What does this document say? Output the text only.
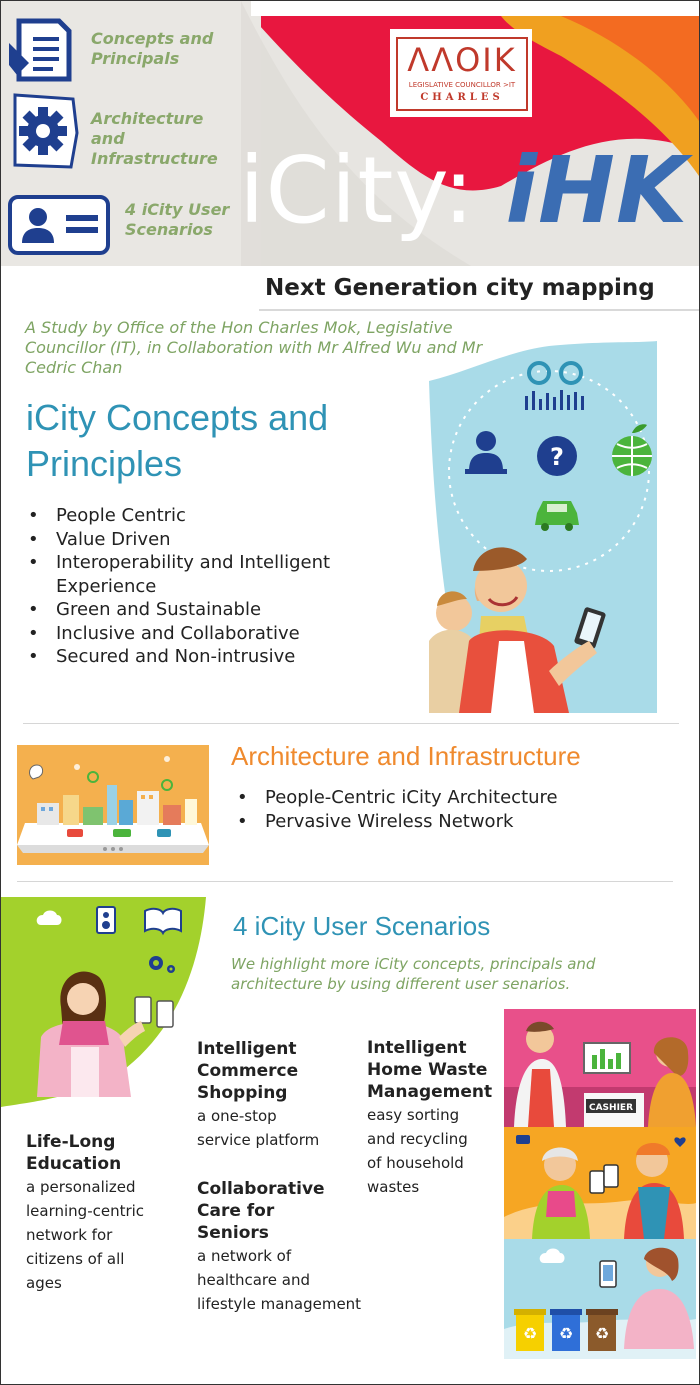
Concepts and
Principals
Architecture and
Infrastructure
4 iCity User
Scenarios
ΛΛΟΙΚ
LEGISLATIVE COUNCILLOR >IT
CHARLES
iCity: iHK
Next Generation city mapping
A Study by Office of the Hon Charles Mok, Legislative Councillor (IT), in Collaboration with Mr Alfred Wu and Mr Cedric Chan
iCity Concepts and Principles
• People Centric
• Value Driven
• Interoperability and Intelligent Experience
• Green and Sustainable
• Inclusive and Collaborative
• Secured and Non-intrusive
?
Architecture and Infrastructure
• People-Centric iCity Architecture
• Pervasive Wireless Network
4 iCity User Scenarios
We highlight more iCity concepts, principals and architecture by using different user senarios.
Life-Long
Education
a personalized
learning-centric
network for
citizens of all
ages
Intelligent
Commerce
Shopping
a one-stop
service platform
Collaborative
Care for
Seniors
a network of
healthcare and
lifestyle management
Intelligent
Home Waste
Management
easy sorting
and recycling
of household
wastes
CASHIER
♻ ♻ ♻
